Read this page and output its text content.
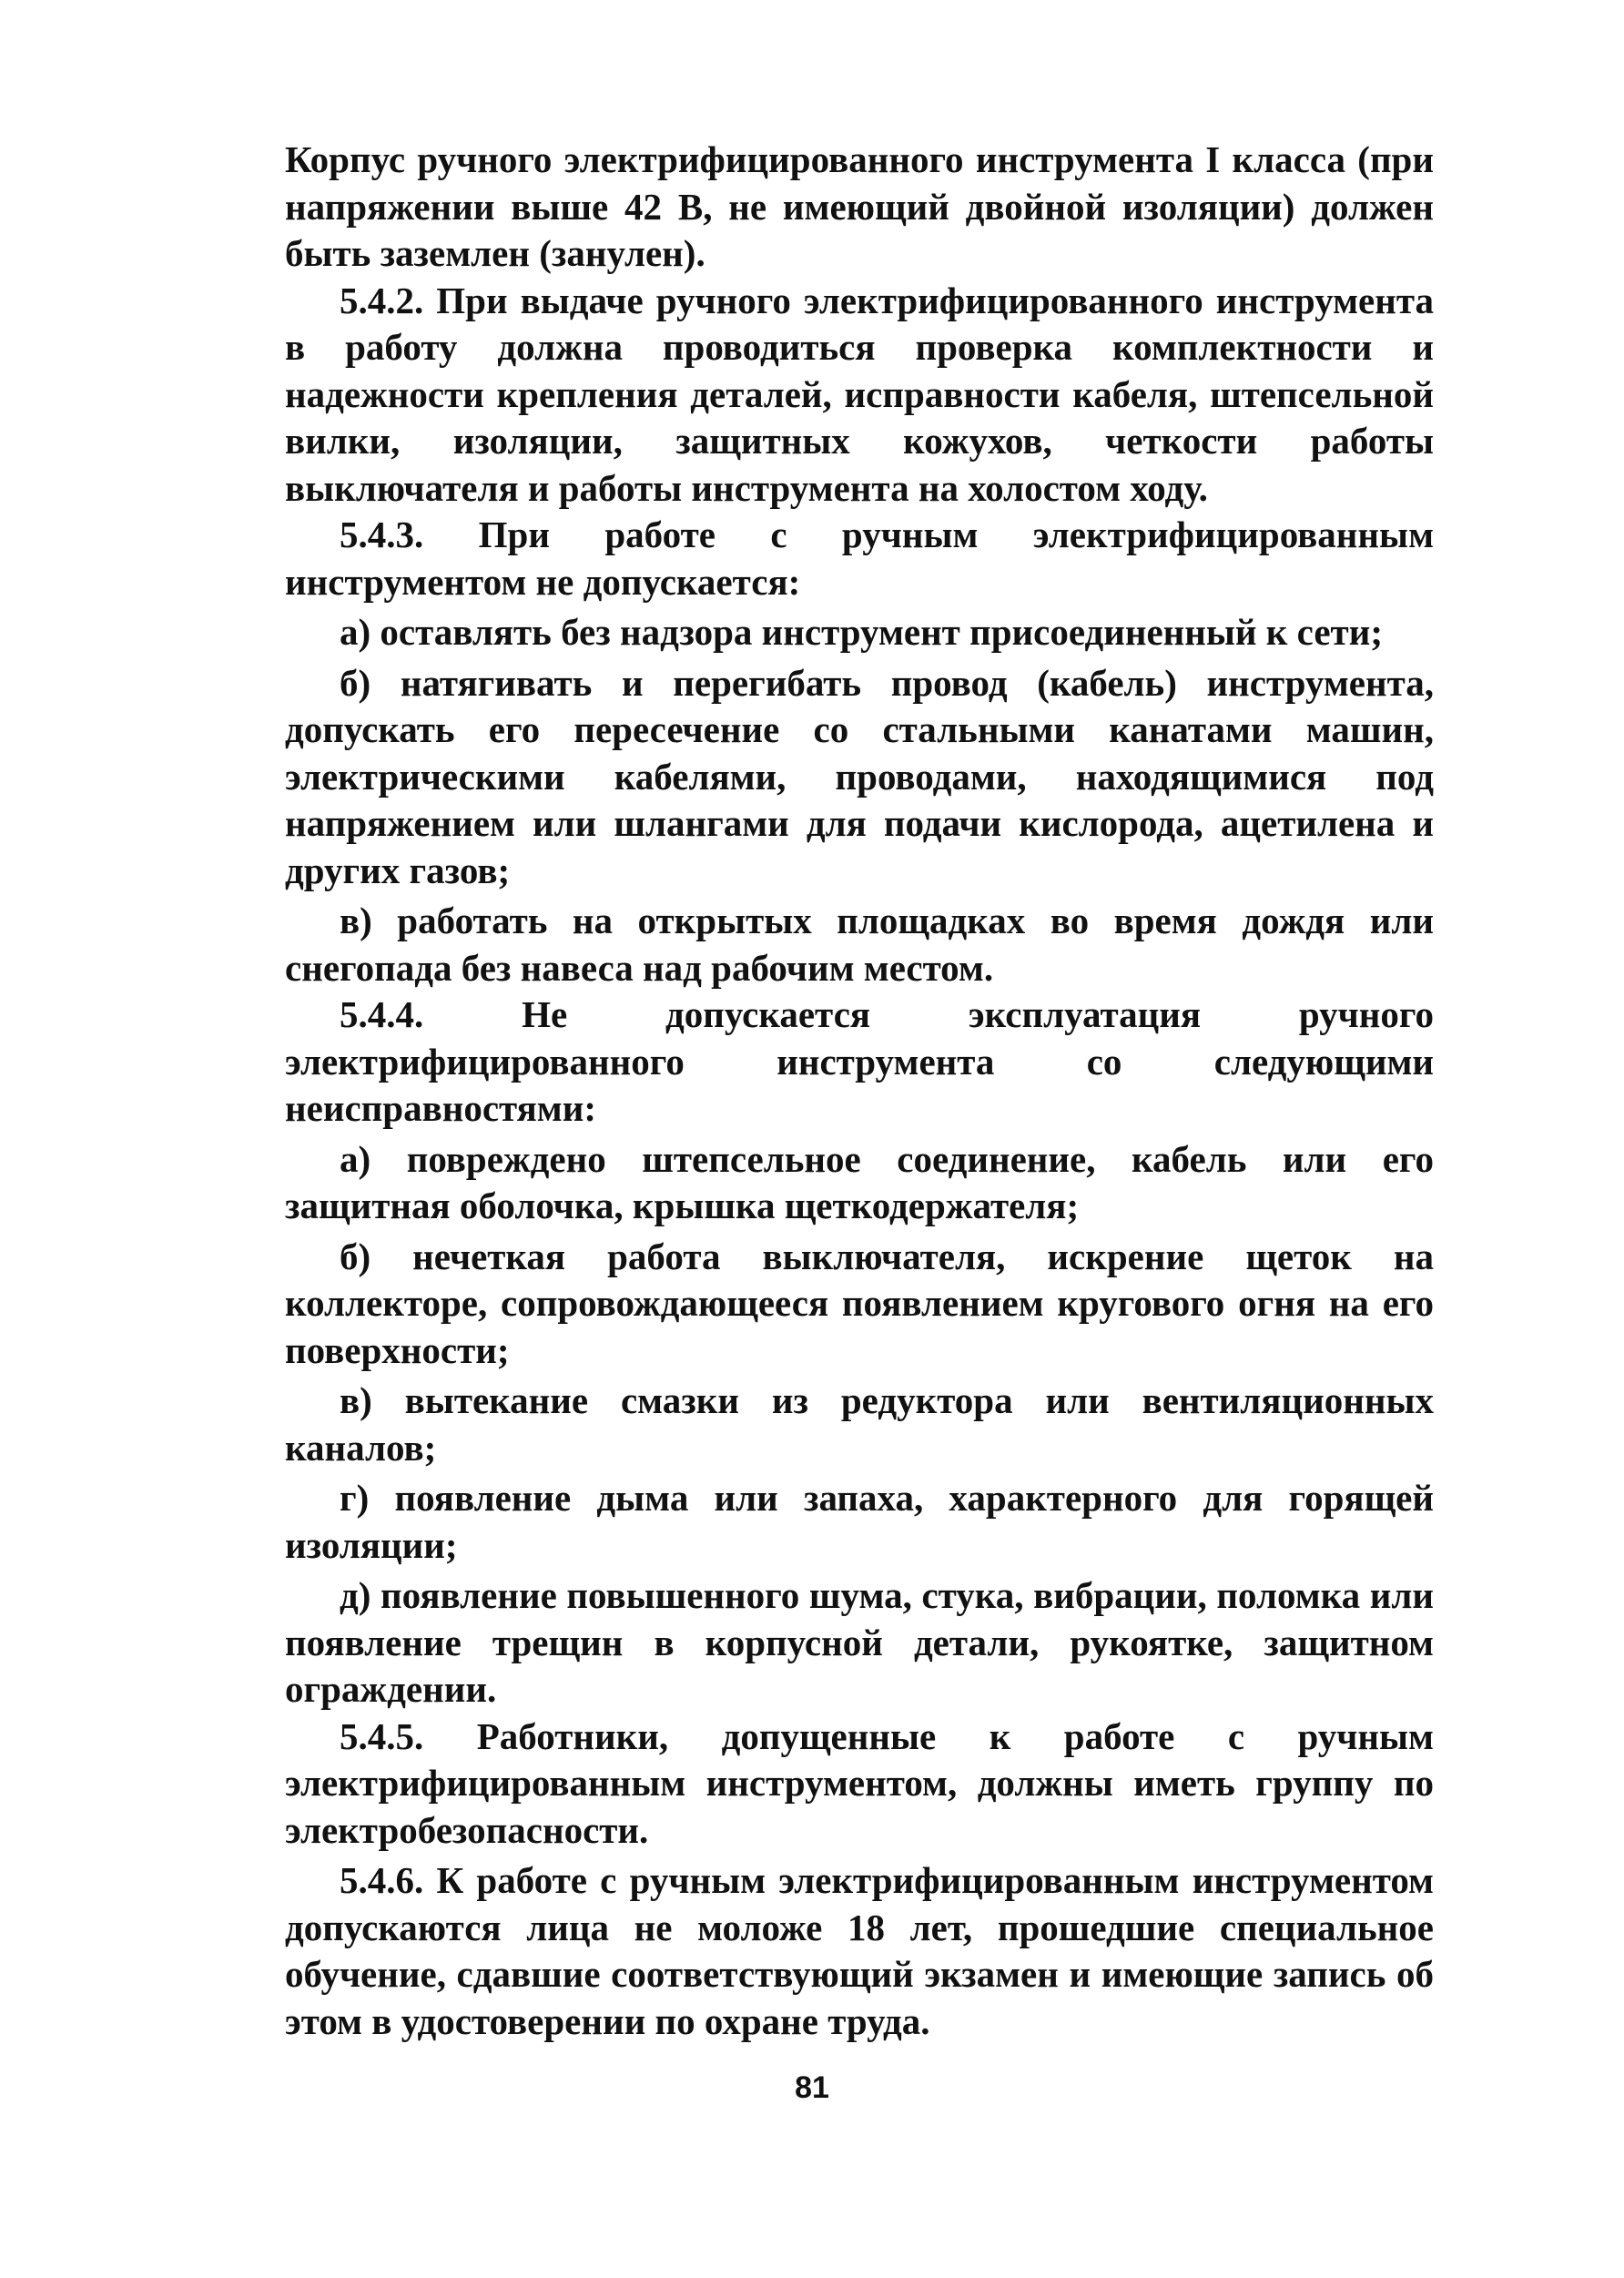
Корпус ручного электрифицированного инструмента I класса (при напряжении выше 42 В, не имеющий двойной изоляции) должен быть заземлен (занулен).

5.4.2. При выдаче ручного электрифицированного инструмента в работу должна проводиться проверка комплектности и надежности крепления деталей, исправности кабеля, штепсельной вилки, изоляции, защитных кожухов, четкости работы выключателя и работы инструмента на холостом ходу.

5.4.3. При работе с ручным электрифицированным инструментом не допускается:

а) оставлять без надзора инструмент присоединенный к сети;

б) натягивать и перегибать провод (кабель) инструмента, допускать его пересечение со стальными канатами машин, электрическими кабелями, проводами, находящимися под напряжением или шлангами для подачи кислорода, ацетилена и других газов;

в) работать на открытых площадках во время дождя или снегопада без навеса над рабочим местом.

5.4.4. Не допускается эксплуатация ручного электрифицированного инструмента со следующими неисправностями:

а) повреждено штепсельное соединение, кабель или его защитная оболочка, крышка щеткодержателя;

б) нечеткая работа выключателя, искрение щеток на коллекторе, сопровождающееся появлением кругового огня на его поверхности;

в) вытекание смазки из редуктора или вентиляционных каналов;

г) появление дыма или запаха, характерного для горящей изоляции;

д) появление повышенного шума, стука, вибрации, поломка или появление трещин в корпусной детали, рукоятке, защитном ограждении.

5.4.5. Работники, допущенные к работе с ручным электрифицированным инструментом, должны иметь группу по электробезопасности.

5.4.6. К работе с ручным электрифицированным инструментом допускаются лица не моложе 18 лет, прошедшие специальное обучение, сдавшие соответствующий экзамен и имеющие запись об этом в удостоверении по охране труда.

81
